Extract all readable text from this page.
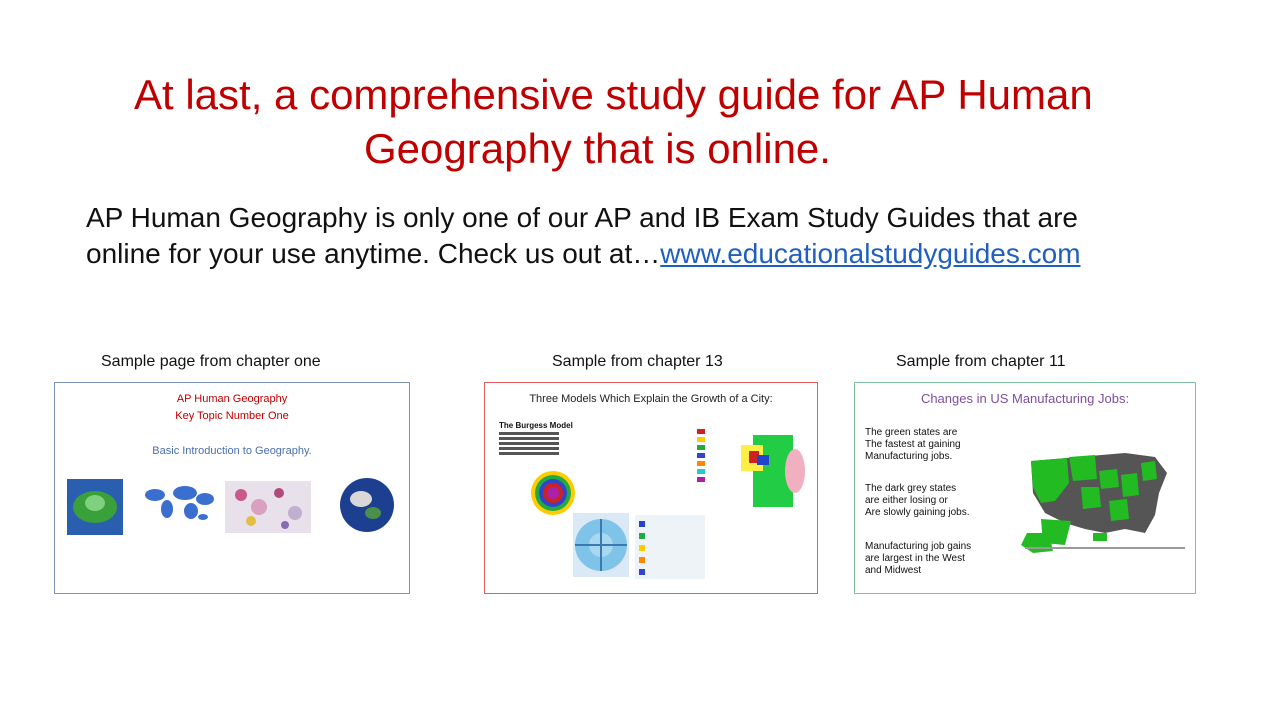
At last, a comprehensive study guide for AP Human
Geography that is online.
AP Human Geography is only one of our AP and IB Exam Study Guides that are
online for your use anytime. Check us out at…www.educationalstudyguides.com
Sample page from chapter one	Sample from chapter 13	Sample from chapter 11
AP Human Geography
Key Topic Number One
Basic Introduction to Geography.
Three Models Which Explain the Growth of a City:
The Burgess Model
Changes in US Manufacturing Jobs:
The green states are
The fastest at gaining
Manufacturing jobs.
The dark grey states
are either losing or
Are slowly gaining jobs.
Manufacturing job gains
are largest in the West
and Midwest
